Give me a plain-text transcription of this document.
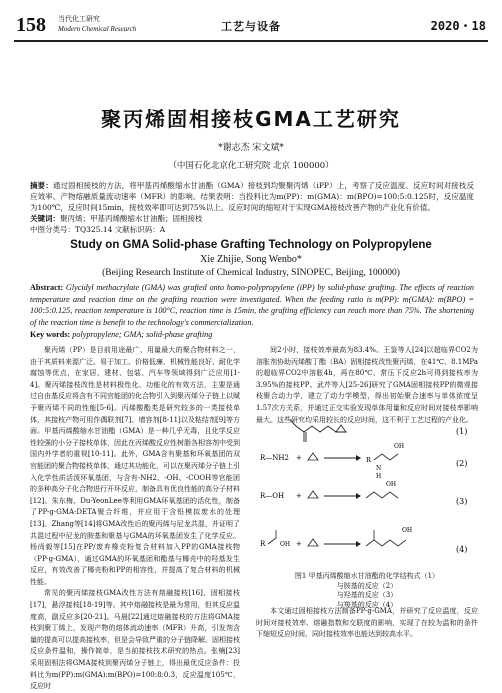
158 当代化工研究
Modern Chemical Research	工艺与设备	2020・18
聚丙烯固相接枝GMA工艺研究
*谢志杰 宋文斌*
（中国石化北京化工研究院 北京 100000）
摘要：通过固相接枝的方法，将甲基丙烯酸缩水甘油酯（GMA）接枝到均聚聚丙烯（iPP）上，考察了反应温度、反应时间对接枝反应效率、产物熔融质量流动速率（MFR）的影响。结果表明：当投料比为m(PP)：m(GMA)：m(BPO)=100:5:0.125时，反应温度为100℃，反应时间15min，接枝效率即可达到75%以上。反应时间的缩短对于实现GMA接枝改善产物的产业化有价值。
关键词：聚丙烯；甲基丙烯酸缩水甘油酯；固相接枝
中图分类号：TQ325.14 文献标识码：A
Study on GMA Solid-phase Grafting Technology on Polypropylene
Xie Zhijie, Song Wenbo*
(Beijing Research Institute of Chemical Industry, SINOPEC, Beijing, 100000)
Abstract: Glycidyl methacrylate (GMA) was grafted onto homo-polypropylene (iPP) by solid-phase grafting. The effects of reaction temperature and reaction time on the grafting reaction were investigated. When the feeding ratio is m(PP): m(GMA): m(BPO) = 100:5:0.125, reaction temperature is 100°C, reaction time is 15min, the grafting efficiency can reach more than 75%. The shortening of the reaction time is benefit to the technology's commercialization.
Key words: polypropylene; GMA; solid-phase grafting

聚丙烯（PP）是目前用途最广、用量最大的聚合物材料之一，由于其质料来源广泛、易于加工、价格低廉、机械性能良好、耐化学腐蚀等优点，在家居、建材、包装、汽车等领域得到广泛应用[1-4]。聚丙烯接枝改性是材料极性化、功能化的有效方法，主要是通过自由基反应将含有不同官能团的化合物引入到聚丙烯分子链上以赋予聚丙烯不同的性能[5-6]。丙烯酸酯类是研究较多的一类接枝单体，其接枝产物可用作偶联剂[7]、增容剂[8-11]以及粘结剂[9]等方面。甲基丙烯酸缩水甘油酯（GMA）是一种几乎无毒，且化学反应性较强的小分子接枝单体，因此在丙烯酸反应性树脂各相容剂中受到国内外学者的重视[10-11]。此外，GMA含有聚基和环氧基团的双官能团的聚合物接枝单体，通过其功能化，可以在聚丙烯分子链上引入化学性质活泼环氧基团，与含有-NH2、-OH、-COOH等官能团的多种高分子化合物进行开环反应，制备具有优良性能的高分子材料[12]。朱东梅、Du-YeonLee等利用GMA环氧基团的活化性，制备了PP-g-GMA-DETA聚合纤维，并应用于含铅模拟废水的处理[13]。Zhang等[14]将GMA改性后的聚丙烯与尼龙共混，并证明了共混过程中尼龙的胺基和聚基与GMA的环氧基团发生了化学反应。杨尚毅等[15]在PP/废弃橡壳粉复合材料加入PP的GMA接枝物（PP-g-GMA），通过GMA的环氧基团和酯基与椰壳中的羟基发生反应，有效改善了椰壳粉和PP的相容性，并提高了复合材料的机械性能。

常见的聚丙烯接枝GMA改性方法有熔融接枝[16]，固相接枝[17]，悬浮接枝[18-19]等。其中熔融接枝是最为常用，但其反应温度高，副反应多[20-21]。马晨[22]通过熔融接枝的方法将GMA接枝到聚丁烯上，发现产物的熔体流动速率（MFR）升高，引发剂含量的提高可以提高接枝率，但是会导致严重的分子链降解。固相接枝反应条件温和，操作简单，是当前接枝技术研究的热点。张楠[23]采用固相法将GMA接枝到聚丙烯分子链上，得出最优反应条件：投料比为m(PP):m(GMA):m(BPO)=100:8:0.3，反应温度105℃，反应时

间2小时，接枝效率最高为83.4%。王鉴等人[24]以超临界CO2为溶胀剂协助丙烯酸丁酯（BA）固相接枝改性聚丙烯，在41℃、8.1MPa的超临界CO2中溶胀4h，再在80℃、常压下反应2h可得到接枝率为3.95%的接枝PP。武芹等人[25-26]研究了GMA固相接枝PP的微观接枝聚合动力学，建立了动力学模型，得出初始聚合速率与单体浓度呈1.57次方关系，并通过正交实验发现单体用量和反应时间对接枝率影响最大。这些研究均采用较长的反应时间，这不利于工艺过程的产业化。

(1)
R—NH2 +	R
OH
N
H
(2)
R—OH +
OH
(3)
R OH +
OH
(4)
图1 甲基丙烯酸缩水甘油酯的化学结构式（1）
与胺基的反应（2）
与羟基的反应（3）
与羧基的反应（4）

本文通过固相接枝方法制备PP-g-GMA，并研究了反应温度，反应时间对接枝效率、熔融指数和交联度的影响，实现了在较为温和的条件下缩短反应时间，同时接枝效率也能达到较高水平。
